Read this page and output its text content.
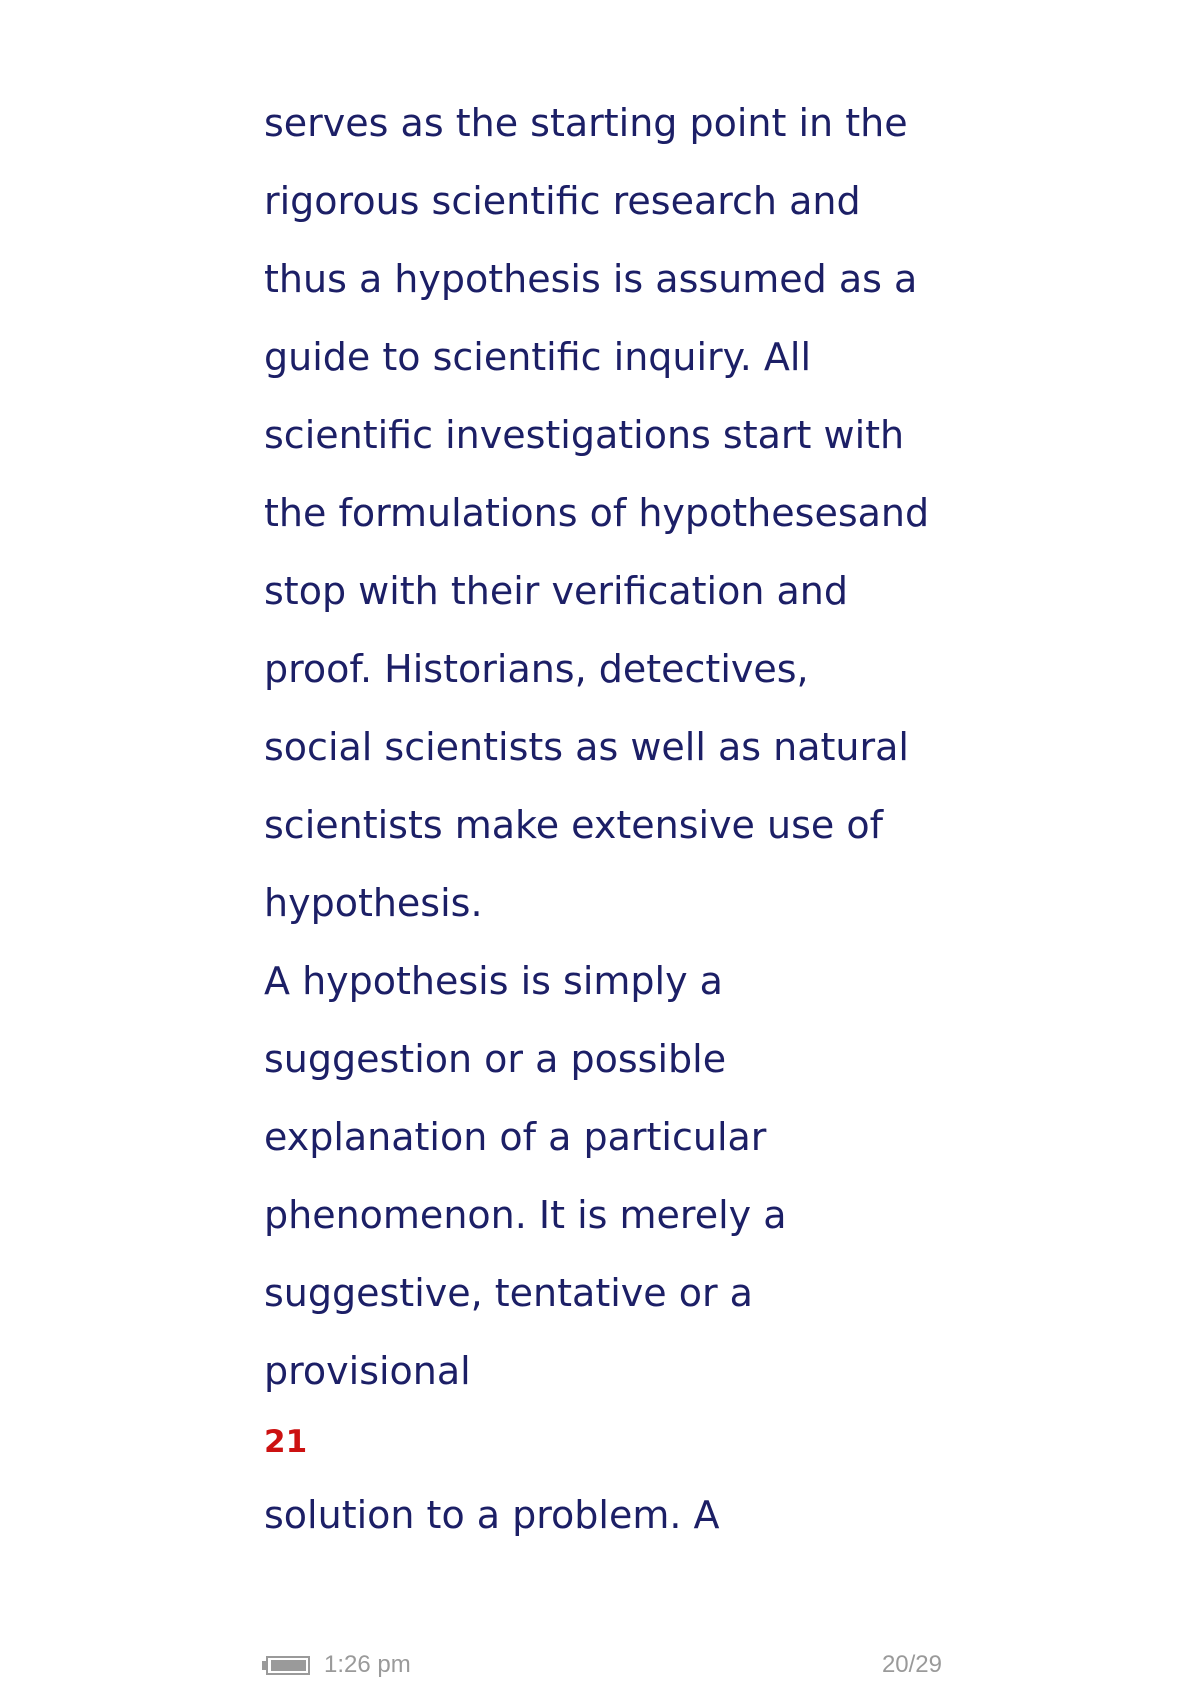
serves as the starting point in the
rigorous scientific research and
thus a hypothesis is assumed as a
guide to scientific inquiry. All
scientific investigations start with
the formulations of hypothesesand
stop with their verification and
proof. Historians, detectives,
social scientists as well as natural
scientists make extensive use of
hypothesis.
A hypothesis is simply a
suggestion or a possible
explanation of a particular
phenomenon. It is merely a
suggestive, tentative or a
provisional
21
solution to a problem. A
1:26 pm	20/29
